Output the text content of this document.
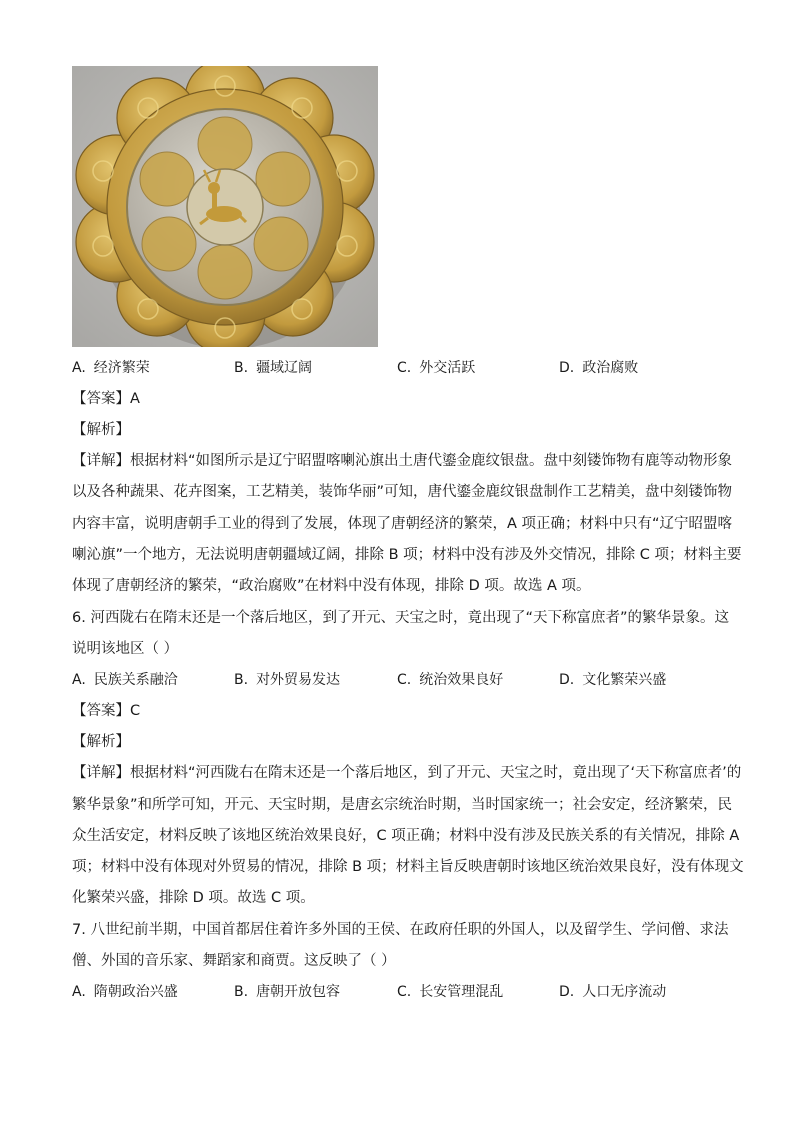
A. 经济繁荣	B. 疆域辽阔	C. 外交活跃	D. 政治腐败
【答案】A
【解析】
【详解】根据材料“如图所示是辽宁昭盟喀喇沁旗出土唐代鎏金鹿纹银盘。盘中刻镂饰物有鹿等动物形象
以及各种蔬果、花卉图案，工艺精美，装饰华丽”可知，唐代鎏金鹿纹银盘制作工艺精美，盘中刻镂饰物
内容丰富，说明唐朝手工业的得到了发展，体现了唐朝经济的繁荣，A 项正确；材料中只有“辽宁昭盟喀
喇沁旗”一个地方，无法说明唐朝疆域辽阔，排除 B 项；材料中没有涉及外交情况，排除 C 项；材料主要
体现了唐朝经济的繁荣，“政治腐败”在材料中没有体现，排除 D 项。故选 A 项。
6. 河西陇右在隋末还是一个落后地区，到了开元、天宝之时，竟出现了“天下称富庶者”的繁华景象。这
说明该地区（ ）
A. 民族关系融洽	B. 对外贸易发达	C. 统治效果良好	D. 文化繁荣兴盛
【答案】C
【解析】
【详解】根据材料“河西陇右在隋末还是一个落后地区，到了开元、天宝之时，竟出现了‘天下称富庶者’的
繁华景象”和所学可知，开元、天宝时期，是唐玄宗统治时期，当时国家统一；社会安定，经济繁荣，民
众生活安定，材料反映了该地区统治效果良好，C 项正确；材料中没有涉及民族关系的有关情况，排除 A
项；材料中没有体现对外贸易的情况，排除 B 项；材料主旨反映唐朝时该地区统治效果良好，没有体现文
化繁荣兴盛，排除 D 项。故选 C 项。
7. 八世纪前半期，中国首都居住着许多外国的王侯、在政府任职的外国人，以及留学生、学问僧、求法
僧、外国的音乐家、舞蹈家和商贾。这反映了（ ）
A. 隋朝政治兴盛	B. 唐朝开放包容	C. 长安管理混乱	D. 人口无序流动
